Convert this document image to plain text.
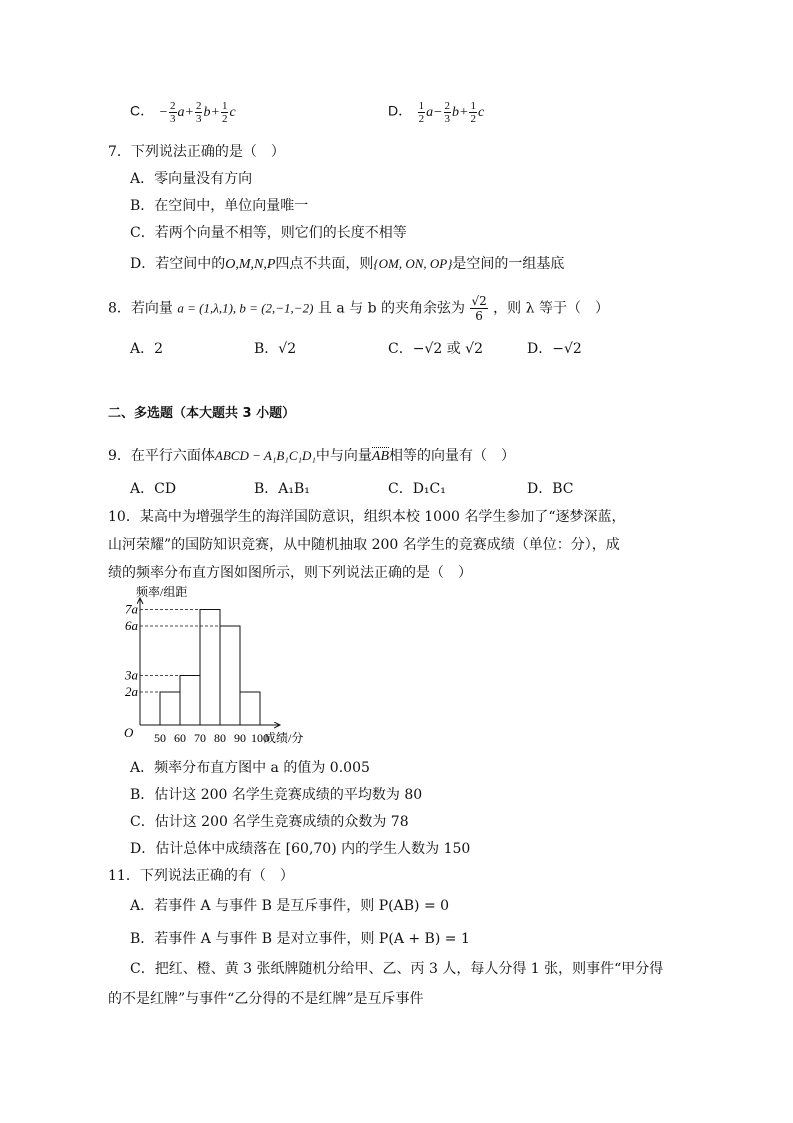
C． − $\frac{2}{3} a+ \frac{2}{3} b+ \frac{1}{2}$ c	D． $\frac{1}{2} a- \frac{2}{3} b+ \frac{1}{2}$ c
7．下列说法正确的是（　）
A．零向量没有方向
B．在空间中，单位向量唯一
C．若两个向量不相等，则它们的长度不相等
D．若空间中的O,M,N,P四点不共面，则{OM, ON, OP}是空间的一组基底
8．若向量 a = (1,λ,1), b = (2,−1,−2) 且 a 与 b 的夹角余弦为 $\frac{√2}{6}$ ，则 λ 等于（　）
A．2	B．√2	C．−√2 或 √2	D．−√2
二、多选题（本大题共 3 小题）
9．在平行六面体ABCD − A₁B₁C₁D₁中与向量AB相等的向量有（　）
A．CD	B．A₁B₁	C．D₁C₁	D．BC
10．某高中为增强学生的海洋国防意识，组织本校 1000 名学生参加了“逐梦深蓝，
山河荣耀”的国防知识竞赛，从中随机抽取 200 名学生的竞赛成绩（单位：分），成
绩的频率分布直方图如图所示，则下列说法正确的是（　）
2a
3a
6a
7a
50 60 70 80 90 100
成绩/分
频率/组距
O
A．频率分布直方图中 a 的值为 0.005
B．估计这 200 名学生竞赛成绩的平均数为 80
C．估计这 200 名学生竞赛成绩的众数为 78
D．估计总体中成绩落在 [60,70) 内的学生人数为 150
11．下列说法正确的有（　）
A．若事件 A 与事件 B 是互斥事件，则 P(AB) = 0
B．若事件 A 与事件 B 是对立事件，则 P(A + B) = 1
C．把红、橙、黄 3 张纸牌随机分给甲、乙、丙 3 人，每人分得 1 张，则事件“甲分得
的不是红牌”与事件“乙分得的不是红牌”是互斥事件
